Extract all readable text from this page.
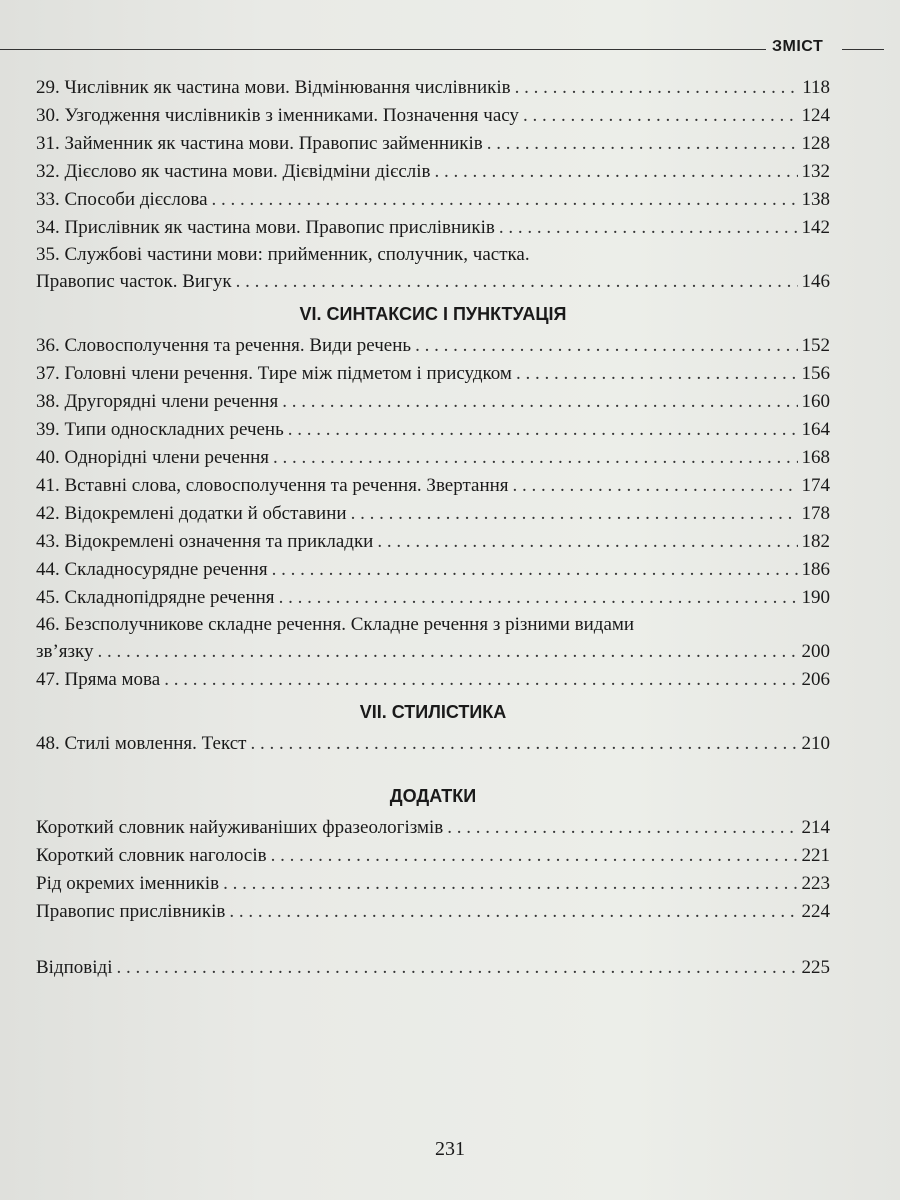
ЗМІСТ
29. Числівник як частина мови. Відмінювання числівників . . .	118
30. Узгодження числівників з іменниками. Позначення часу . . .	124
31. Займенник як частина мови. Правопис займенників . . .	128
32. Дієслово як частина мови. Дієвідміни дієслів . . .	132
33. Способи дієслова . . .	138
34. Прислівник як частина мови. Правопис прислівників . . .	142
35. Службові частини мови: прийменник, сполучник, частка.
Правопис часток. Вигук . . .	146
VI. СИНТАКСИС І ПУНКТУАЦІЯ
36. Словосполучення та речення. Види речень . . .	152
37. Головні члени речення. Тире між підметом і присудком . . .	156
38. Другорядні члени речення . . .	160
39. Типи односкладних речень . . .	164
40. Однорідні члени речення . . .	168
41. Вставні слова, словосполучення та речення. Звертання . . .	174
42. Відокремлені додатки й обставини . . .	178
43. Відокремлені означення та прикладки . . .	182
44. Складносурядне речення . . .	186
45. Складнопідрядне речення . . .	190
46. Безсполучникове складне речення. Складне речення з різними видами
зв’язку . . .	200
47. Пряма мова . . .	206
VII. СТИЛІСТИКА
48. Стилі мовлення. Текст . . .	210
ДОДАТКИ
Короткий словник найуживаніших фразеологізмів . . .	214
Короткий словник наголосів . . .	221
Рід окремих іменників . . .	223
Правопис прислівників . . .	224
Відповіді . . .	225
231
